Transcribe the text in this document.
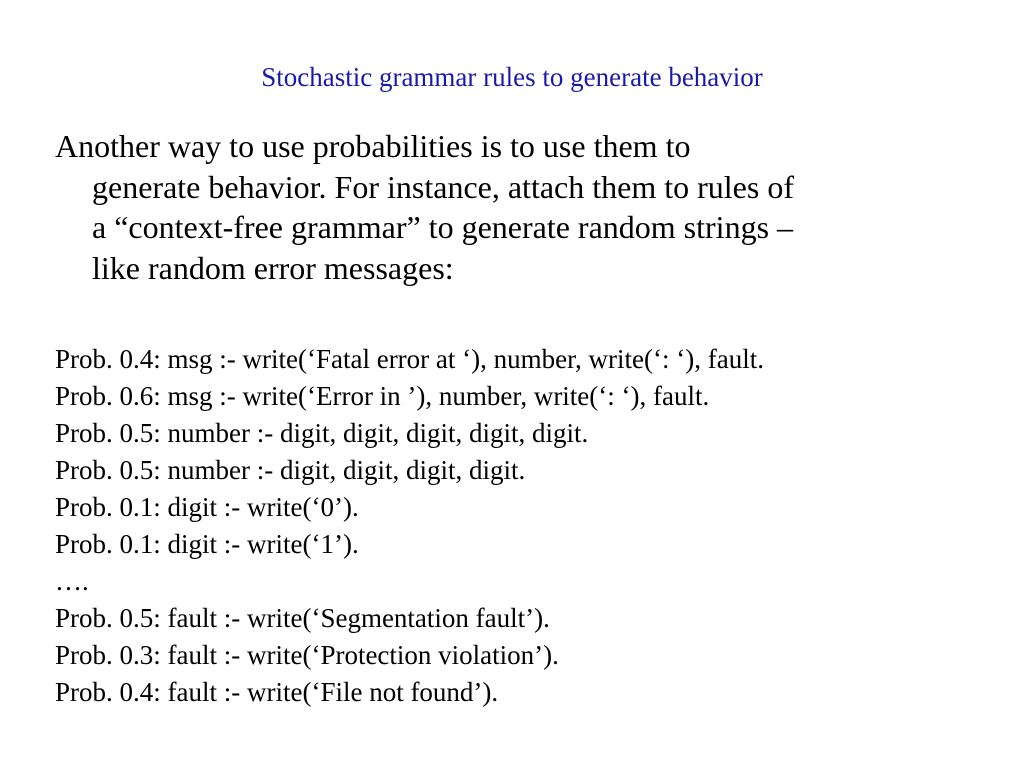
Stochastic grammar rules to generate behavior
Another way to use probabilities is to use them to
generate behavior. For instance, attach them to rules of
a “context-free grammar” to generate random strings –
like random error messages:
Prob. 0.4: msg :- write(‘Fatal error at ‘), number, write(‘: ‘), fault.
Prob. 0.6: msg :- write(‘Error in ’), number, write(‘: ‘), fault.
Prob. 0.5: number :- digit, digit, digit, digit, digit.
Prob. 0.5: number :- digit, digit, digit, digit.
Prob. 0.1: digit :- write(‘0’).
Prob. 0.1: digit :- write(‘1’).
….
Prob. 0.5: fault :- write(‘Segmentation fault’).
Prob. 0.3: fault :- write(‘Protection violation’).
Prob. 0.4: fault :- write(‘File not found’).
